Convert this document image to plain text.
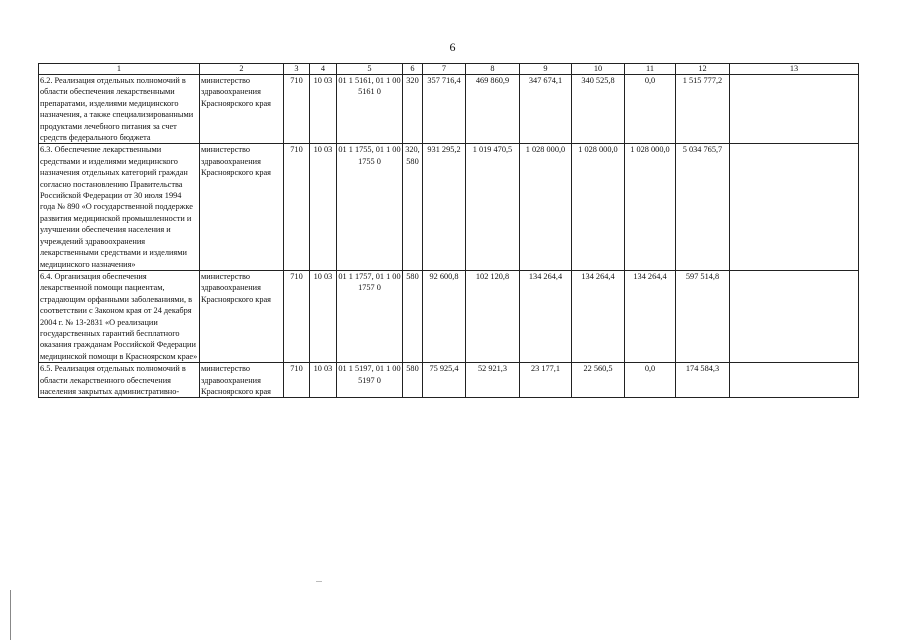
6
1	2	3	4	5	6	7	8	9	10	11	12	13
6.2. Реализация отдельных полномочий в области обеспечения лекарственными препаратами, изделиями медицинского назначения, а также специализированными продуктами лечебного питания за счет средств федерального бюджета	министерство здравоохранения Красноярского края	710	10 03	01 1 5161, 01 1 00 5161 0	320	357 716,4	469 860,9	347 674,1	340 525,8	0,0	1 515 777,2	
6.3. Обеспечение лекарственными средствами и изделиями медицинского назначения отдельных категорий граждан согласно постановлению Правительства Российской Федерации от 30 июля 1994 года № 890 «О государственной поддержке развития медицинской промышленности и улучшении обеспечения населения и учреждений здравоохранения лекарственными средствами и изделиями медицинского назначения»	министерство здравоохранения Красноярского края	710	10 03	01 1 1755, 01 1 00 1755 0	320, 580	931 295,2	1 019 470,5	1 028 000,0	1 028 000,0	1 028 000,0	5 034 765,7	
6.4. Организация обеспечения лекарственной помощи пациентам, страдающим орфанными заболеваниями, в соответствии с Законом края от 24 декабря 2004 г. № 13-2831 «О реализации государственных гарантий бесплатного оказания гражданам Российской Федерации медицинской помощи в Красноярском крае»	министерство здравоохранения Красноярского края	710	10 03	01 1 1757, 01 1 00 1757 0	580	92 600,8	102 120,8	134 264,4	134 264,4	134 264,4	597 514,8	
6.5. Реализация отдельных полномочий в области лекарственного обеспечения населения закрытых административно-	министерство здравоохранения Красноярского края	710	10 03	01 1 5197, 01 1 00 5197 0	580	75 925,4	52 921,3	23 177,1	22 560,5	0,0	174 584,3	
